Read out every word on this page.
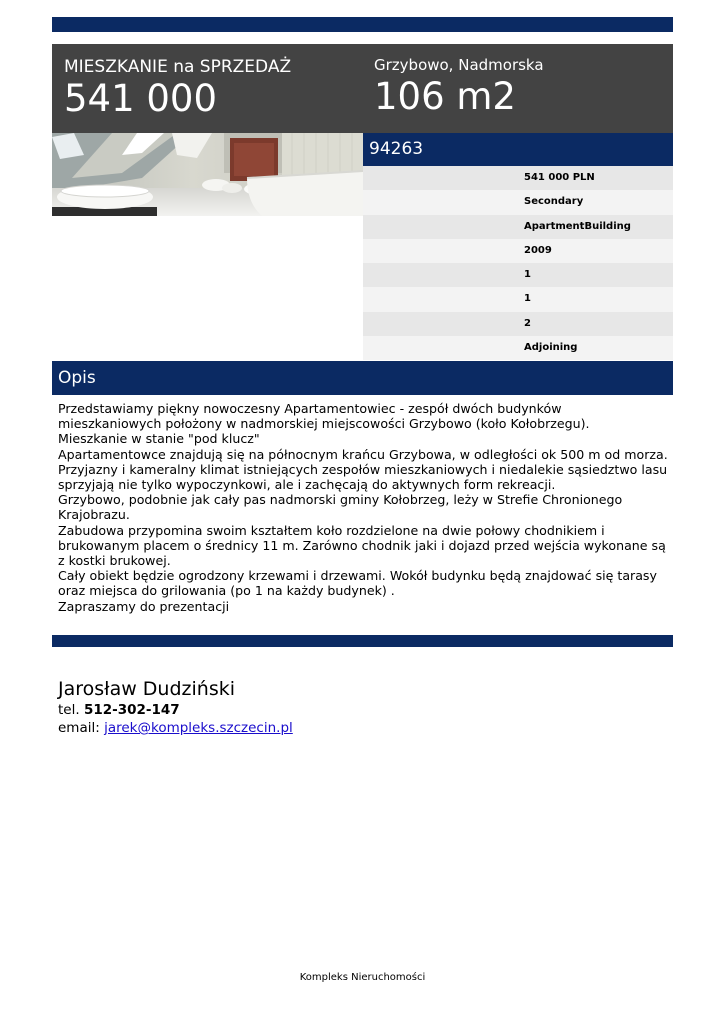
MIESZKANIE na SPRZEDAŻ
541 000
Grzybowo, Nadmorska
106 m2
94263
541 000 PLN
Secondary
ApartmentBuilding
2009
1
1
2
Adjoining
Opis

Przedstawiamy piękny nowoczesny Apartamentowiec - zespół dwóch budynków mieszkaniowych położony w nadmorskiej miejscowości Grzybowo (koło Kołobrzegu).

Mieszkanie w stanie "pod klucz"

Apartamentowce znajdują się na północnym krańcu Grzybowa, w odległości ok 500 m od morza.

Przyjazny i kameralny klimat istniejących zespołów mieszkaniowych i niedalekie sąsiedztwo lasu sprzyjają nie tylko wypoczynkowi, ale i zachęcają do aktywnych form rekreacji.

Grzybowo, podobnie jak cały pas nadmorski gminy Kołobrzeg, leży w Strefie Chronionego Krajobrazu.

Zabudowa przypomina swoim kształtem koło rozdzielone na dwie połowy chodnikiem i brukowanym placem o średnicy 11 m. Zarówno chodnik jaki i dojazd przed wejścia wykonane są z kostki brukowej.

Cały obiekt będzie ogrodzony krzewami i drzewami. Wokół budynku będą znajdować się tarasy oraz miejsca do grilowania (po 1 na każdy budynek) .

Zapraszamy do prezentacji

Jarosław Dudziński
tel. 512-302-147
email: jarek@kompleks.szczecin.pl
Kompleks Nieruchomości
